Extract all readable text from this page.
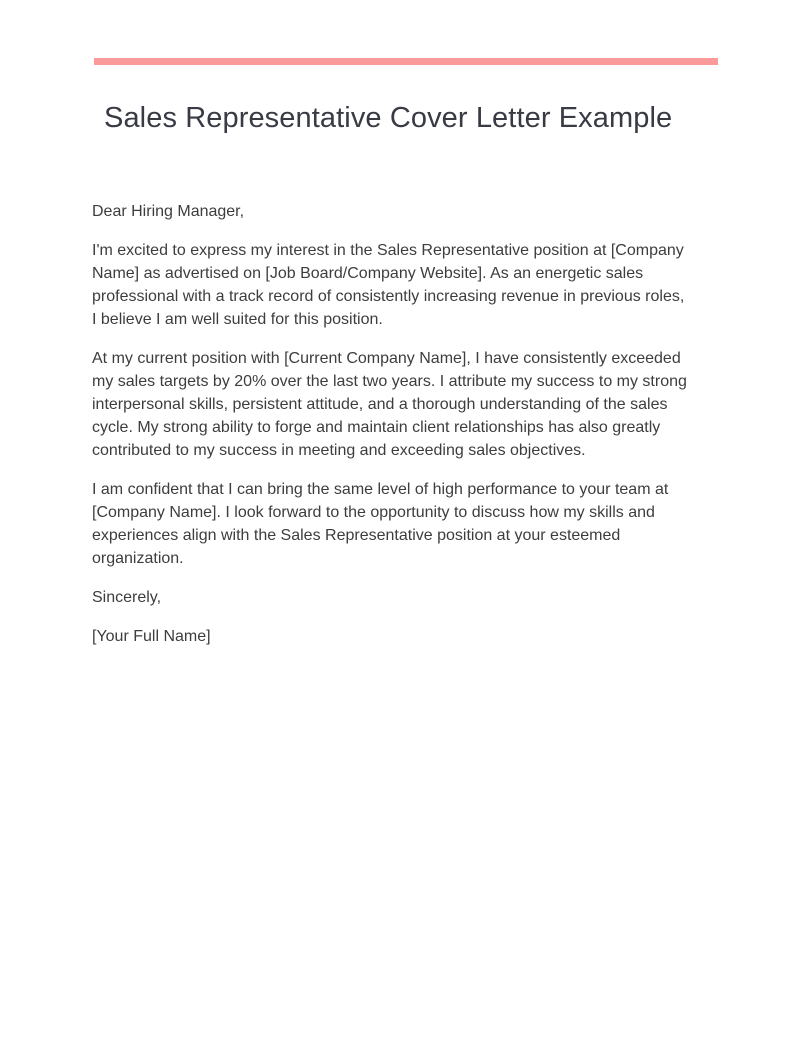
Sales Representative Cover Letter Example

Dear Hiring Manager,

I'm excited to express my interest in the Sales Representative position at [Company Name] as advertised on [Job Board/Company Website]. As an energetic sales professional with a track record of consistently increasing revenue in previous roles, I believe I am well suited for this position.

At my current position with [Current Company Name], I have consistently exceeded my sales targets by 20% over the last two years. I attribute my success to my strong interpersonal skills, persistent attitude, and a thorough understanding of the sales cycle. My strong ability to forge and maintain client relationships has also greatly contributed to my success in meeting and exceeding sales objectives.

I am confident that I can bring the same level of high performance to your team at [Company Name]. I look forward to the opportunity to discuss how my skills and experiences align with the Sales Representative position at your esteemed organization.

Sincerely,

[Your Full Name]
